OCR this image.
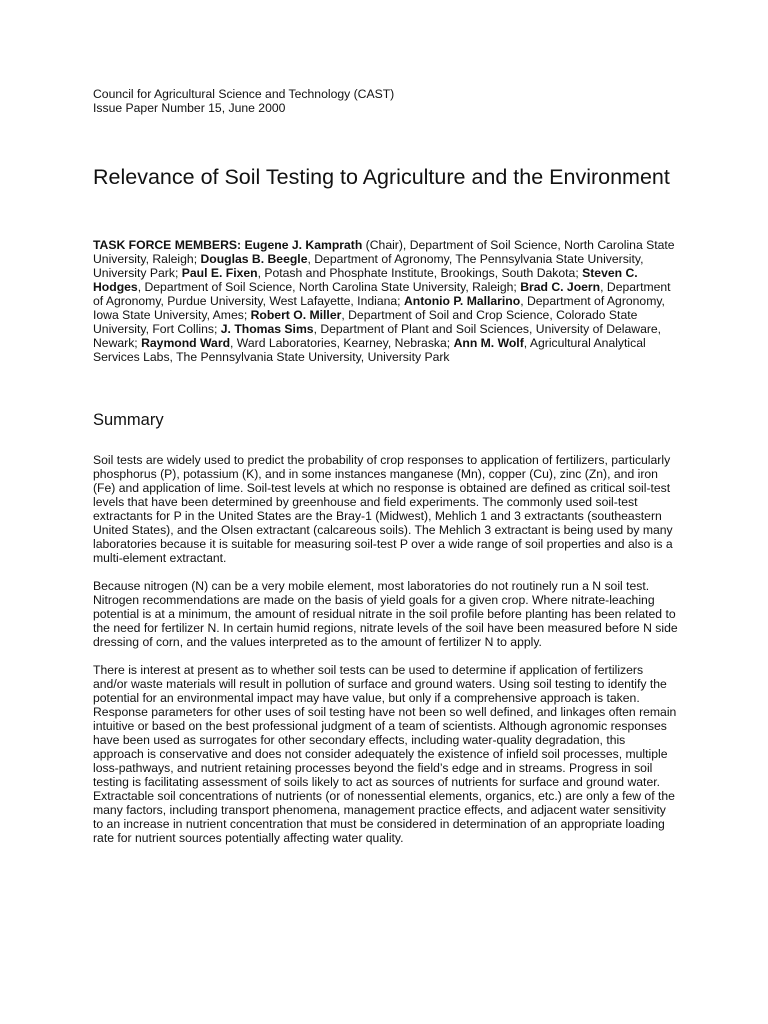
Council for Agricultural Science and Technology (CAST)

Issue Paper Number 15, June 2000

Relevance of Soil Testing to Agriculture and the Environment

TASK FORCE MEMBERS: Eugene J. Kamprath (Chair), Department of Soil Science, North Carolina State University, Raleigh; Douglas B. Beegle, Department of Agronomy, The Pennsylvania State University, University Park; Paul E. Fixen, Potash and Phosphate Institute, Brookings, South Dakota; Steven C. Hodges, Department of Soil Science, North Carolina State University, Raleigh; Brad C. Joern, Department of Agronomy, Purdue University, West Lafayette, Indiana; Antonio P. Mallarino, Department of Agronomy, Iowa State University, Ames; Robert O. Miller, Department of Soil and Crop Science, Colorado State University, Fort Collins; J. Thomas Sims, Department of Plant and Soil Sciences, University of Delaware, Newark; Raymond Ward, Ward Laboratories, Kearney, Nebraska; Ann M. Wolf, Agricultural Analytical Services Labs, The Pennsylvania State University, University Park

Summary

Soil tests are widely used to predict the probability of crop responses to application of fertilizers, particularly phosphorus (P), potassium (K), and in some instances manganese (Mn), copper (Cu), zinc (Zn), and iron (Fe) and application of lime. Soil-test levels at which no response is obtained are defined as critical soil-test levels that have been determined by greenhouse and field experiments. The commonly used soil-test extractants for P in the United States are the Bray-1 (Midwest), Mehlich 1 and 3 extractants (southeastern United States), and the Olsen extractant (calcareous soils). The Mehlich 3 extractant is being used by many laboratories because it is suitable for measuring soil-test P over a wide range of soil properties and also is a multi-element extractant.

Because nitrogen (N) can be a very mobile element, most laboratories do not routinely run a N soil test. Nitrogen recommendations are made on the basis of yield goals for a given crop. Where nitrate-leaching potential is at a minimum, the amount of residual nitrate in the soil profile before planting has been related to the need for fertilizer N. In certain humid regions, nitrate levels of the soil have been measured before N side dressing of corn, and the values interpreted as to the amount of fertilizer N to apply.

There is interest at present as to whether soil tests can be used to determine if application of fertilizers and/or waste materials will result in pollution of surface and ground waters. Using soil testing to identify the potential for an environmental impact may have value, but only if a comprehensive approach is taken. Response parameters for other uses of soil testing have not been so well defined, and linkages often remain intuitive or based on the best professional judgment of a team of scientists. Although agronomic responses have been used as surrogates for other secondary effects, including water-quality degradation, this approach is conservative and does not consider adequately the existence of infield soil processes, multiple loss-pathways, and nutrient retaining processes beyond the field’s edge and in streams. Progress in soil testing is facilitating assessment of soils likely to act as sources of nutrients for surface and ground water. Extractable soil concentrations of nutrients (or of nonessential elements, organics, etc.) are only a few of the many factors, including transport phenomena, management practice effects, and adjacent water sensitivity to an increase in nutrient concentration that must be considered in determination of an appropriate loading rate for nutrient sources potentially affecting water quality.
